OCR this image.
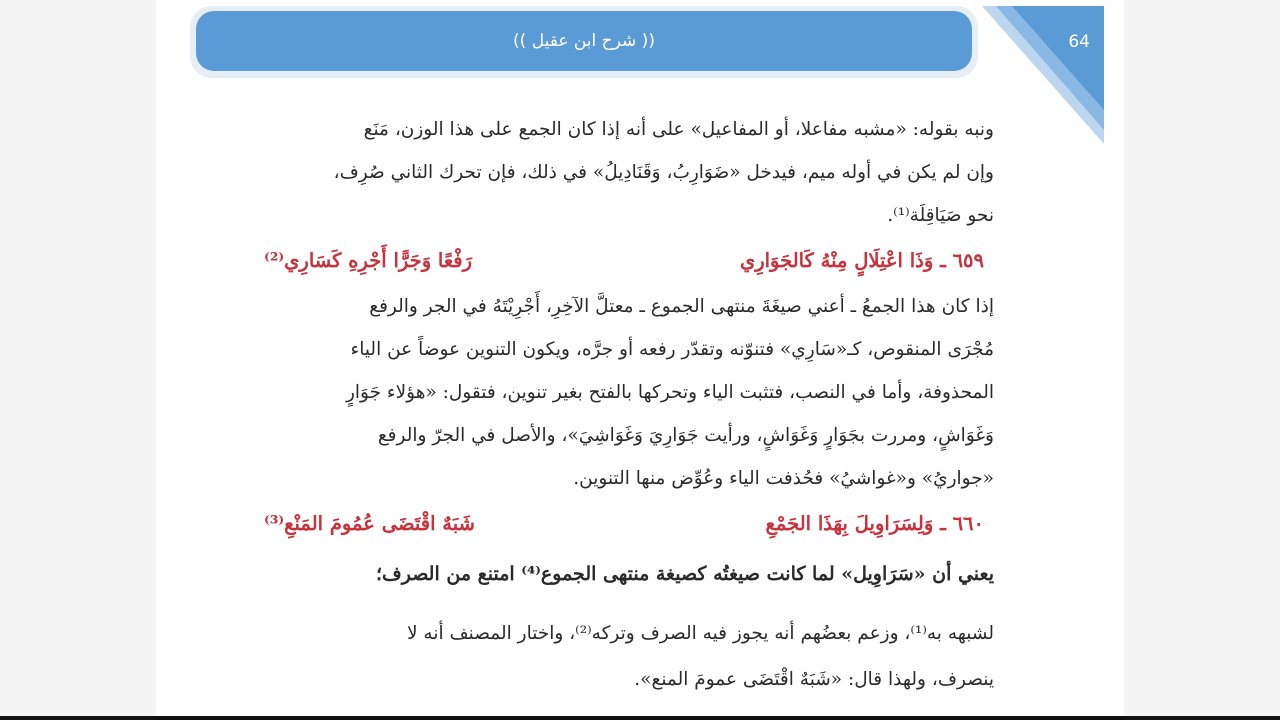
(( شرح ابن عقيل ))	64
ونبه بقوله: «مشبه مفاعلا، أو المفاعيل» على أنه إذا كان الجمع على هذا الوزن، مَنَع
وإن لم يكن في أوله ميم، فيدخل «ضَوَارِبُ، وَقَنَادِيلُ» في ذلك، فإن تحرك الثاني صُرِف،
نحو صَيَاقِلَة⁽¹⁾.
٦٥٩ ـ وَذَا اعْتِلَالٍ مِنْهُ كَالجَوَارِي
رَفْعًا وَجَرًّا أَجْرِهِ كَسَارِي⁽²⁾
إذا كان هذا الجمعُ ـ أعني صيغَةَ منتهى الجموع ـ معتلَّ الآخِرِ، أَجْرِيْتَهُ في الجر والرفع
مُجْرَى المنقوص، كـ«سَارِي» فتنوّنه وتقدّر رفعه أو جرَّه، ويكون التنوين عوضاً عن الياء
المحذوفة، وأما في النصب، فتثبت الياء وتحركها بالفتح بغير تنوين، فتقول: «هؤلاء جَوَارٍ
وَغَوَاشٍ، ومررت بجَوَارٍ وَغَوَاشٍ، ورأيت جَوَارِيَ وَغَوَاشِيَ»، والأصل في الجرّ والرفع
«جواريُ» و«غواشيُ» فحُذفت الياء وعُوِّض منها التنوين.
٦٦٠ ـ وَلِسَرَاوِيلَ بِهَذَا الجَمْعِ
شَبَهٌ اقْتَضَى عُمُومَ المَنْعِ⁽³⁾
يعني أن «سَرَاوِيل» لما كانت صيغتُه كصيغة منتهى الجموع⁽⁴⁾ امتنع من الصرف؛
لشبهه به⁽¹⁾، وزعم بعضُهم أنه يجوز فيه الصرف وتركه⁽²⁾، واختار المصنف أنه لا
ينصرف، ولهذا قال: «شَبَهٌ اقْتَضَى عمومَ المنع».
